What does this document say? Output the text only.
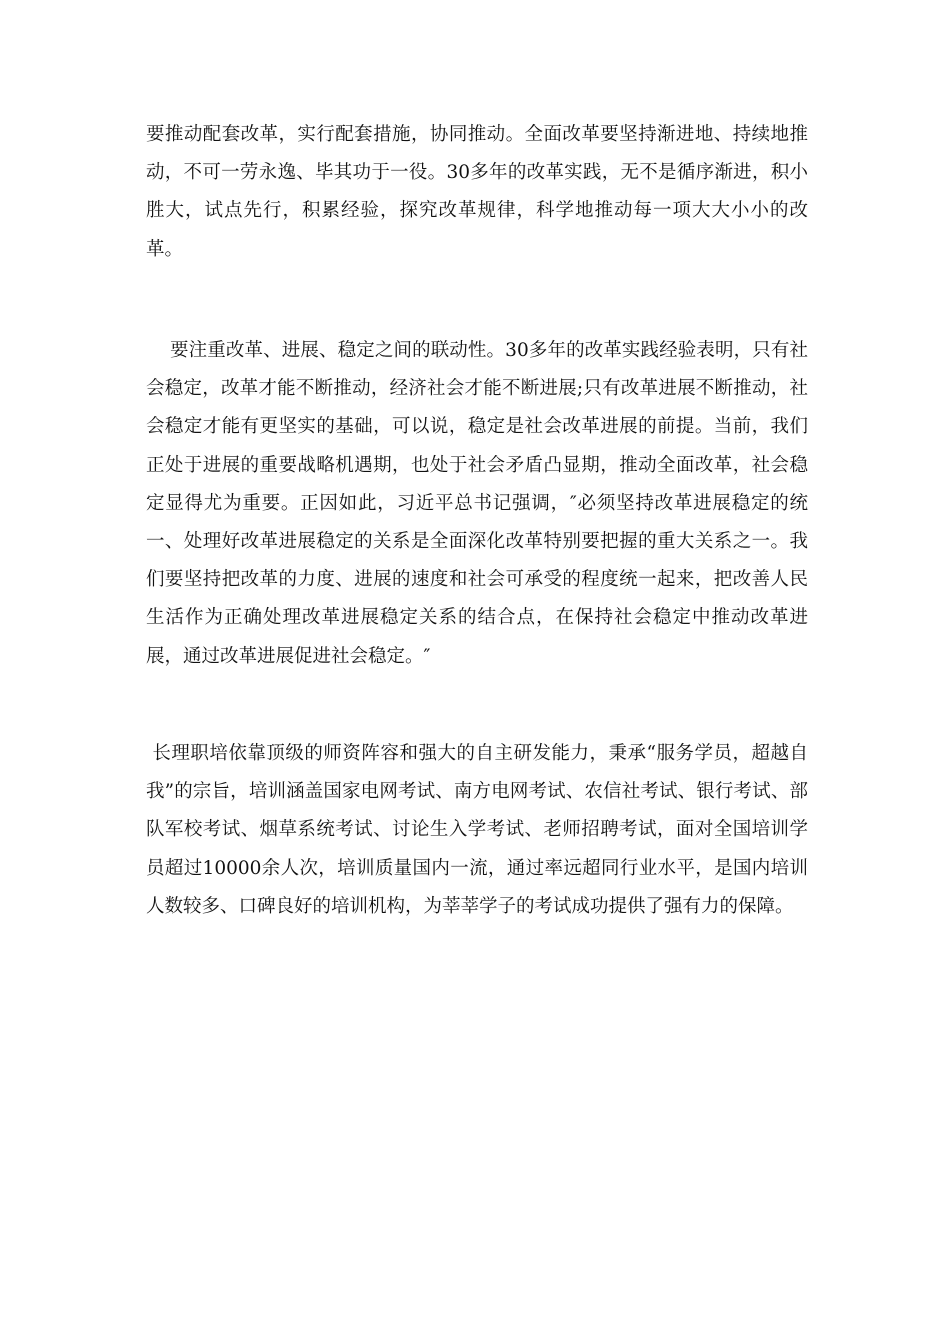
要推动配套改革，实行配套措施，协同推动。全面改革要坚持渐进地、持续地推动，不可一劳永逸、毕其功于一役。30多年的改革实践，无不是循序渐进，积小胜大，试点先行，积累经验，探究改革规律，科学地推动每一项大大小小的改革。

要注重改革、进展、稳定之间的联动性。30多年的改革实践经验表明，只有社会稳定，改革才能不断推动，经济社会才能不断进展;只有改革进展不断推动，社会稳定才能有更坚实的基础，可以说，稳定是社会改革进展的前提。当前，我们正处于进展的重要战略机遇期，也处于社会矛盾凸显期，推动全面改革，社会稳定显得尤为重要。正因如此，习近平总书记强调，″必须坚持改革进展稳定的统一、处理好改革进展稳定的关系是全面深化改革特别要把握的重大关系之一。我们要坚持把改革的力度、进展的速度和社会可承受的程度统一起来，把改善人民生活作为正确处理改革进展稳定关系的结合点，在保持社会稳定中推动改革进展，通过改革进展促进社会稳定。″

长理职培依靠顶级的师资阵容和强大的自主研发能力，秉承“服务学员，超越自我”的宗旨，培训涵盖国家电网考试、南方电网考试、农信社考试、银行考试、部队军校考试、烟草系统考试、讨论生入学考试、老师招聘考试，面对全国培训学员超过10000余人次，培训质量国内一流，通过率远超同行业水平，是国内培训人数较多、口碑良好的培训机构，为莘莘学子的考试成功提供了强有力的保障。
